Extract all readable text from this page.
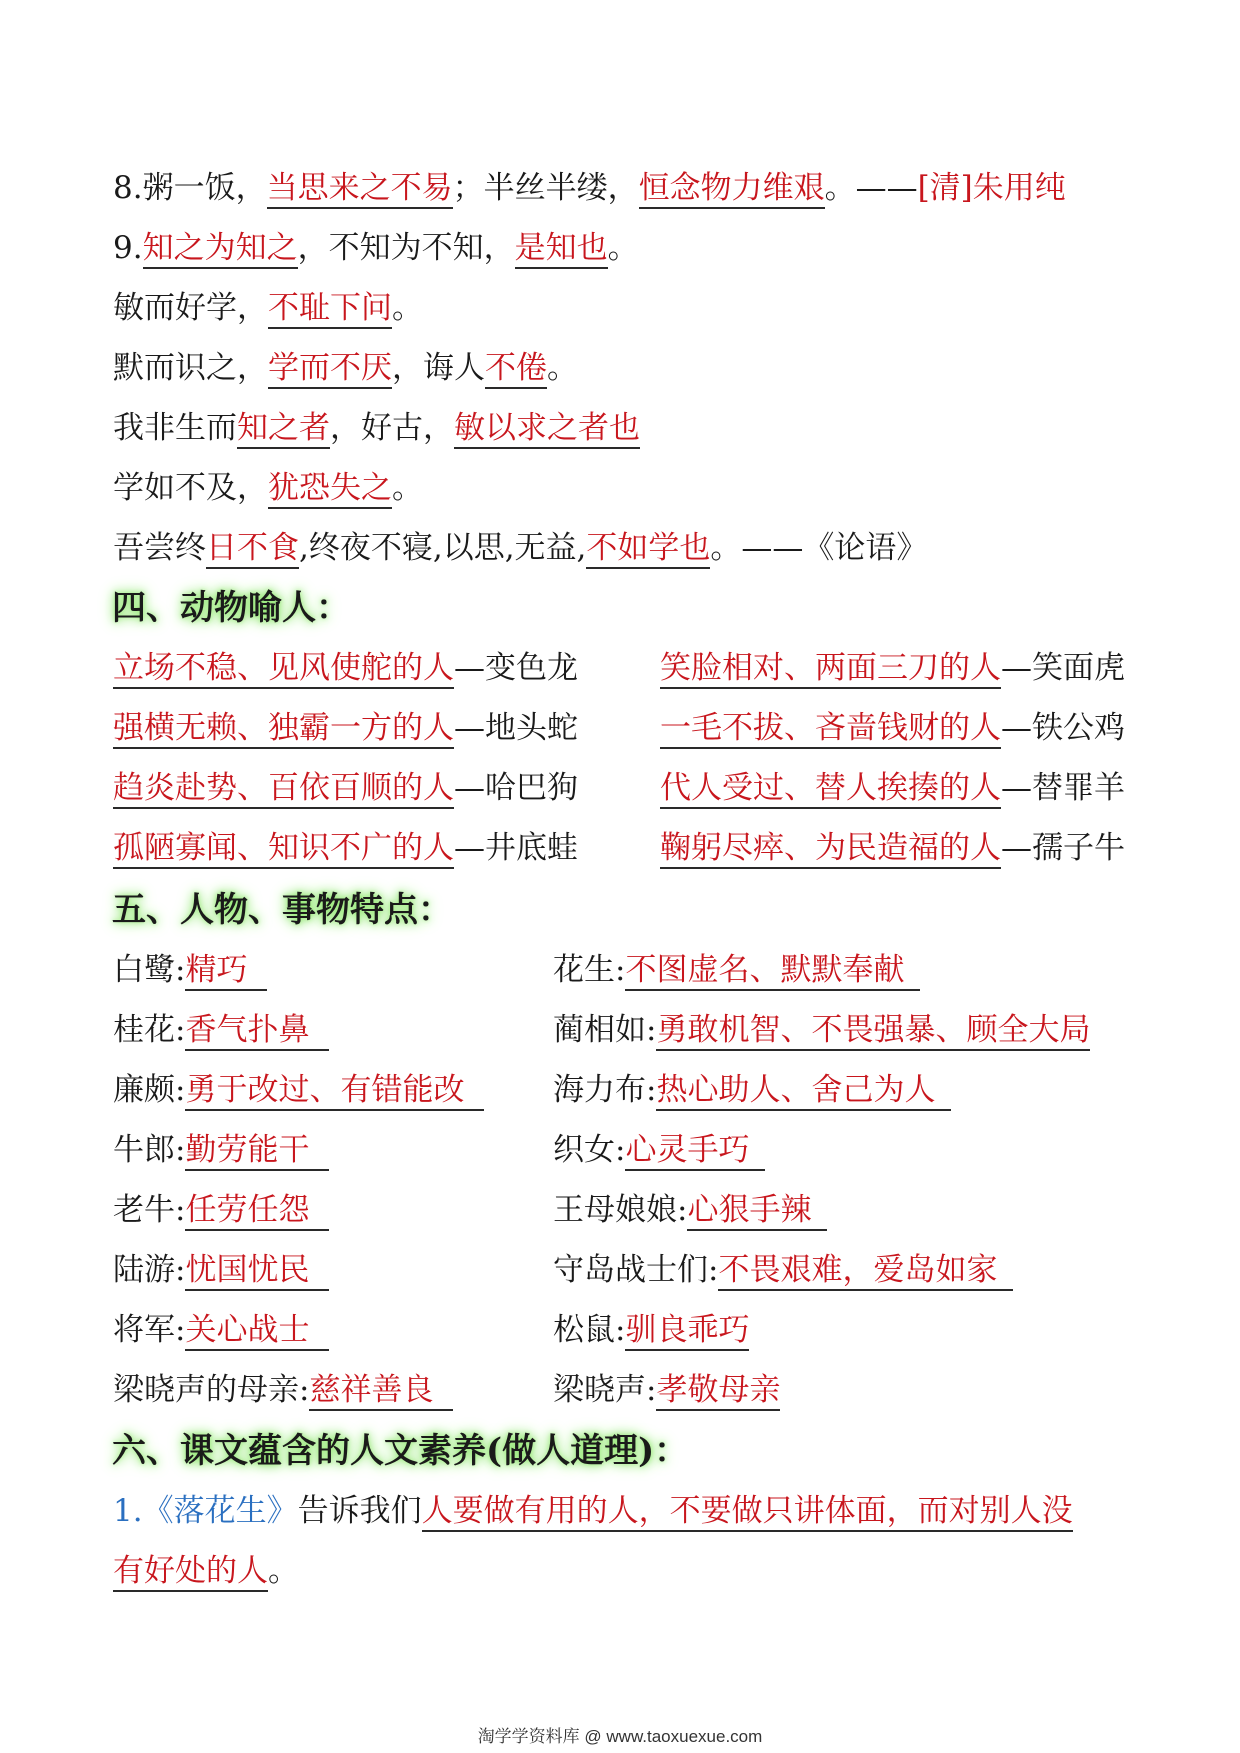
8.粥一饭，当思来之不易；半丝半缕，恒念物力维艰。——[清]朱用纯
9.知之为知之，不知为不知，是知也。
敏而好学，不耻下问。
默而识之，学而不厌，诲人不倦。
我非生而知之者，好古，敏以求之者也
学如不及，犹恐失之。
吾尝终日不食,终夜不寝,以思,无益,不如学也。——《论语》
四、动物喻人：
立场不稳、见风使舵的人—变色龙
强横无赖、独霸一方的人—地头蛇
趋炎赴势、百依百顺的人—哈巴狗
孤陋寡闻、知识不广的人—井底蛙
笑脸相对、两面三刀的人—笑面虎
一毛不拔、吝啬钱财的人—铁公鸡
代人受过、替人挨揍的人—替罪羊
鞠躬尽瘁、为民造福的人—孺子牛
五、人物、事物特点：
白鹭:精巧
桂花:香气扑鼻
廉颇:勇于改过、有错能改
牛郎:勤劳能干
老牛:任劳任怨
陆游:忧国忧民
将军:关心战士
梁晓声的母亲:慈祥善良
花生:不图虚名、默默奉献
蔺相如:勇敢机智、不畏强暴、顾全大局
海力布:热心助人、舍己为人
织女:心灵手巧
王母娘娘:心狠手辣
守岛战士们:不畏艰难，爱岛如家
松鼠:驯良乖巧
梁晓声:孝敬母亲
六、课文蕴含的人文素养(做人道理)：
1.《落花生》告诉我们人要做有用的人，不要做只讲体面，而对别人没
有好处的人。
淘学学资料库 @ www.taoxuexue.com
